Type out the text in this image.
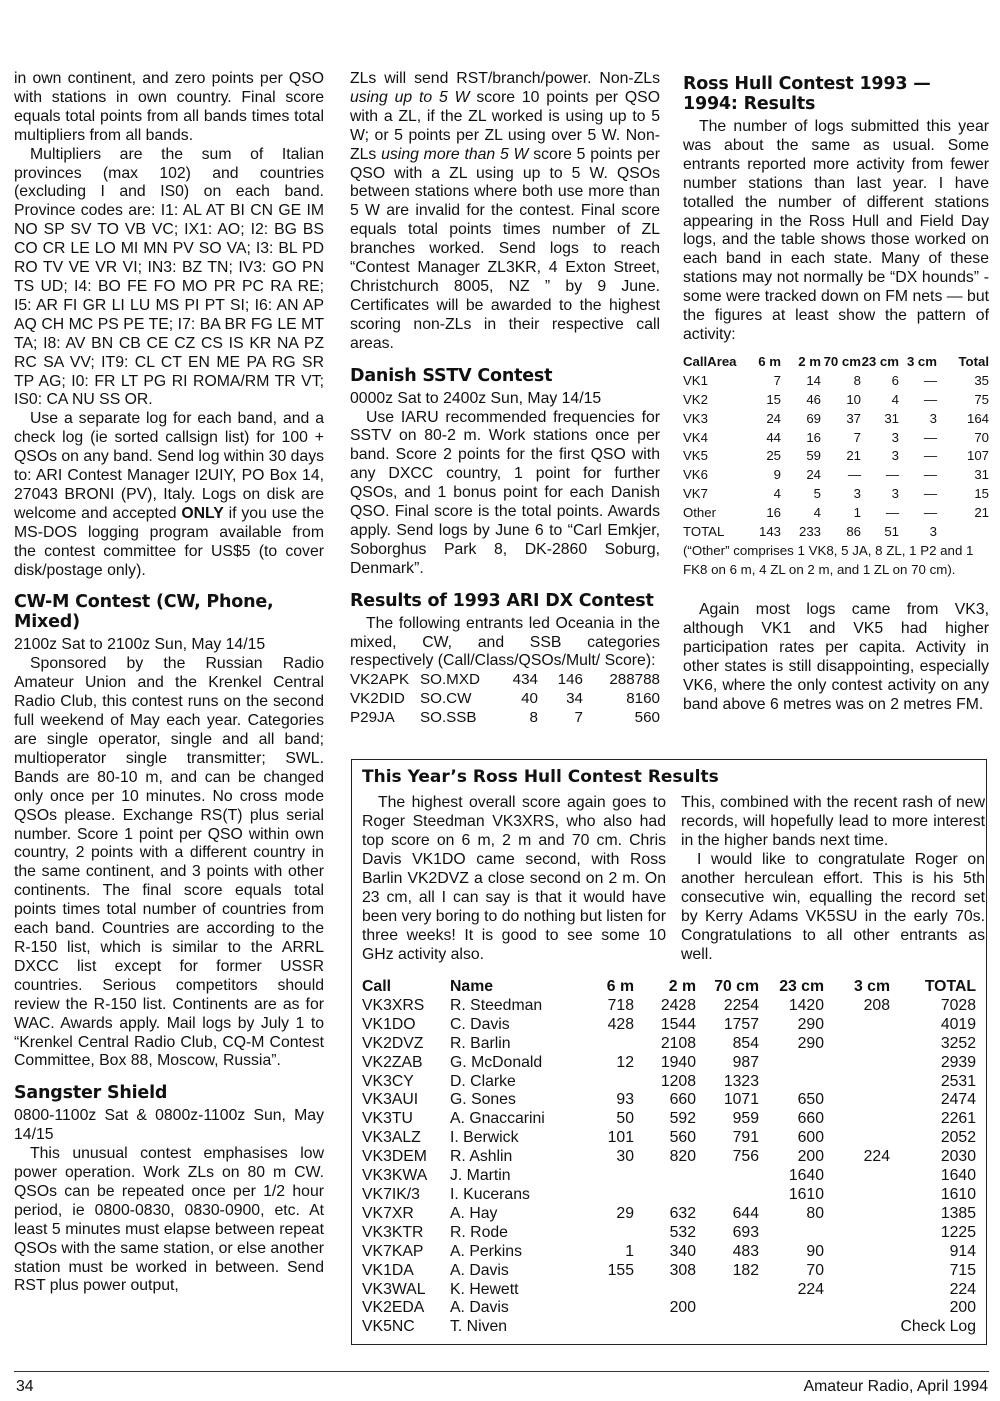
in own continent, and zero points per QSO with stations in own country. Final score equals total points from all bands times total multipliers from all bands.

Multipliers are the sum of Italian provinces (max 102) and countries (excluding I and IS0) on each band. Province codes are: I1: AL AT BI CN GE IM NO SP SV TO VB VC; IX1: AO; I2: BG BS CO CR LE LO MI MN PV SO VA; I3: BL PD RO TV VE VR VI; IN3: BZ TN; IV3: GO PN TS UD; I4: BO FE FO MO PR PC RA RE; I5: AR FI GR LI LU MS PI PT SI; I6: AN AP AQ CH MC PS PE TE; I7: BA BR FG LE MT TA; I8: AV BN CB CE CZ CS IS KR NA PZ RC SA VV; IT9: CL CT EN ME PA RG SR TP AG; I0: FR LT PG RI ROMA/RM TR VT; IS0: CA NU SS OR.

Use a separate log for each band, and a check log (ie sorted callsign list) for 100 + QSOs on any band. Send log within 30 days to: ARI Contest Manager I2UIY, PO Box 14, 27043 BRONI (PV), Italy. Logs on disk are welcome and accepted ONLY if you use the MS-DOS logging program available from the contest committee for US$5 (to cover disk/postage only).

CW-M Contest (CW, Phone, Mixed)

2100z Sat to 2100z Sun, May 14/15

Sponsored by the Russian Radio Amateur Union and the Krenkel Central Radio Club, this contest runs on the second full weekend of May each year. Categories are single operator, single and all band; multioperator single transmitter; SWL. Bands are 80-10 m, and can be changed only once per 10 minutes. No cross mode QSOs please. Exchange RS(T) plus serial number. Score 1 point per QSO within own country, 2 points with a different country in the same continent, and 3 points with other continents. The final score equals total points times total number of countries from each band. Countries are according to the R-150 list, which is similar to the ARRL DXCC list except for former USSR countries. Serious competitors should review the R-150 list. Continents are as for WAC. Awards apply. Mail logs by July 1 to “Krenkel Central Radio Club, CQ-M Contest Committee, Box 88, Moscow, Russia”.

Sangster Shield

0800-1100z Sat & 0800z-1100z Sun, May 14/15

This unusual contest emphasises low power operation. Work ZLs on 80 m CW. QSOs can be repeated once per 1/2 hour period, ie 0800-0830, 0830-0900, etc. At least 5 minutes must elapse between repeat QSOs with the same station, or else another station must be worked in between. Send RST plus power output,

ZLs will send RST/branch/power. Non-ZLs using up to 5 W score 10 points per QSO with a ZL, if the ZL worked is using up to 5 W; or 5 points per ZL using over 5 W. Non-ZLs using more than 5 W score 5 points per QSO with a ZL using up to 5 W. QSOs between stations where both use more than 5 W are invalid for the contest. Final score equals total points times number of ZL branches worked. Send logs to reach “Contest Manager ZL3KR, 4 Exton Street, Christchurch 8005, NZ ” by 9 June. Certificates will be awarded to the highest scoring non-ZLs in their respective call areas.

Danish SSTV Contest

0000z Sat to 2400z Sun, May 14/15

Use IARU recommended frequencies for SSTV on 80-2 m. Work stations once per band. Score 2 points for the first QSO with any DXCC country, 1 point for further QSOs, and 1 bonus point for each Danish QSO. Final score is the total points. Awards apply. Send logs by June 6 to “Carl Emkjer, Soborghus Park 8, DK-2860 Soburg, Denmark”.

Results of 1993 ARI DX Contest

The following entrants led Oceania in the mixed, CW, and SSB categories respectively (Call/Class/QSOs/Mult/ Score):

VK2APK	SO.MXD	434	146	288788
VK2DID	SO.CW	40	34	8160
P29JA	SO.SSB	8	7	560
Ross Hull Contest 1993 — 1994: Results

The number of logs submitted this year was about the same as usual. Some entrants reported more activity from fewer number stations than last year. I have totalled the number of different stations appearing in the Ross Hull and Field Day logs, and the table shows those worked on each band in each state. Many of these stations may not normally be “DX hounds” - some were tracked down on FM nets — but the figures at least show the pattern of activity:

CallArea	6 m	2 m	70 cm	23 cm	3 cm	Total
VK1	7	14	8	6	—	35
VK2	15	46	10	4	—	75
VK3	24	69	37	31	3	164
VK4	44	16	7	3	—	70
VK5	25	59	21	3	—	107
VK6	9	24	—	—	—	31
VK7	4	5	3	3	—	15
Other	16	4	1	—	—	21
TOTAL	143	233	86	51	3	

(“Other” comprises 1 VK8, 5 JA, 8 ZL, 1 P2 and 1 FK8 on 6 m, 4 ZL on 2 m, and 1 ZL on 70 cm).

Again most logs came from VK3, although VK1 and VK5 had higher participation rates per capita. Activity in other states is still disappointing, especially VK6, where the only contest activity on any band above 6 metres was on 2 metres FM.

This Year’s Ross Hull Contest Results

The highest overall score again goes to Roger Steedman VK3XRS, who also had top score on 6 m, 2 m and 70 cm. Chris Davis VK1DO came second, with Ross Barlin VK2DVZ a close second on 2 m. On 23 cm, all I can say is that it would have been very boring to do nothing but listen for three weeks! It is good to see some 10 GHz activity also.

This, combined with the recent rash of new records, will hopefully lead to more interest in the higher bands next time.

I would like to congratulate Roger on another herculean effort. This is his 5th consecutive win, equalling the record set by Kerry Adams VK5SU in the early 70s. Congratulations to all other entrants as well.

Call	Name	6 m	2 m	70 cm	23 cm	3 cm	TOTAL
VK3XRS	R. Steedman	718	2428	2254	1420	208	7028
VK1DO	C. Davis	428	1544	1757	290		4019
VK2DVZ	R. Barlin		2108	854	290		3252
VK2ZAB	G. McDonald	12	1940	987			2939
VK3CY	D. Clarke		1208	1323			2531
VK3AUI	G. Sones	93	660	1071	650		2474
VK3TU	A. Gnaccarini	50	592	959	660		2261
VK3ALZ	I. Berwick	101	560	791	600		2052
VK3DEM	R. Ashlin	30	820	756	200	224	2030
VK3KWA	J. Martin				1640		1640
VK7IK/3	I. Kucerans				1610		1610
VK7XR	A. Hay	29	632	644	80		1385
VK3KTR	R. Rode		532	693			1225
VK7KAP	A. Perkins	1	340	483	90		914
VK1DA	A. Davis	155	308	182	70		715
VK3WAL	K. Hewett				224		224
VK2EDA	A. Davis		200				200
VK5NC	T. Niven						Check Log
34	Amateur Radio, April 1994
